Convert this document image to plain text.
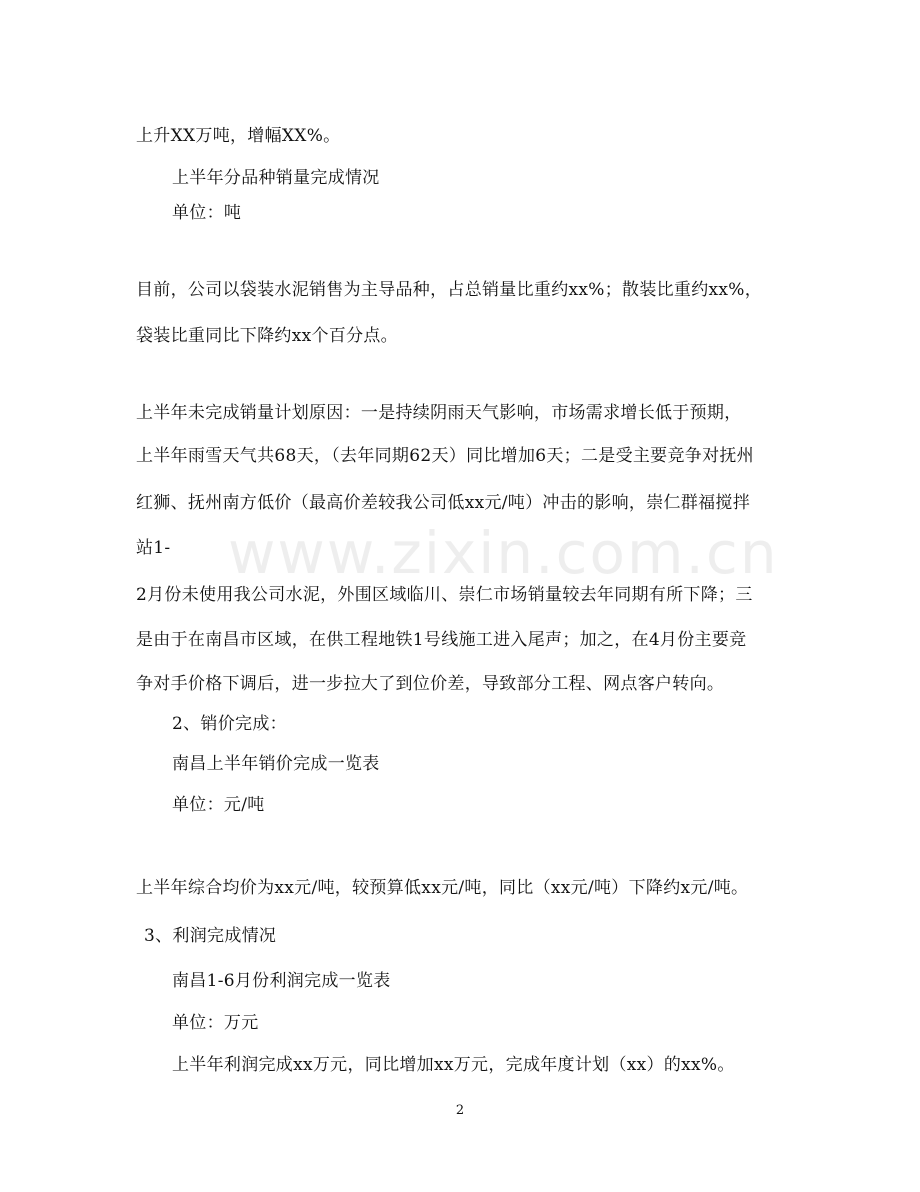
上升XX万吨，增幅XX%。

上半年分品种销量完成情况

单位：吨

目前，公司以袋装水泥销售为主导品种，占总销量比重约xx%；散装比重约xx%，

袋装比重同比下降约xx个百分点。

上半年未完成销量计划原因：一是持续阴雨天气影响，市场需求增长低于预期，

上半年雨雪天气共68天，（去年同期62天）同比增加6天；二是受主要竞争对抚州

红狮、抚州南方低价（最高价差较我公司低xx元/吨）冲击的影响，崇仁群福搅拌

站1- www.zixin.com.cn

2月份未使用我公司水泥，外围区域临川、崇仁市场销量较去年同期有所下降；三

是由于在南昌市区域，在供工程地铁1号线施工进入尾声；加之，在4月份主要竞

争对手价格下调后，进一步拉大了到位价差，导致部分工程、网点客户转向。

2、销价完成：

南昌上半年销价完成一览表

单位：元/吨

上半年综合均价为xx元/吨，较预算低xx元/吨，同比（xx元/吨）下降约x元/吨。

3、利润完成情况

南昌1-6月份利润完成一览表

单位：万元

上半年利润完成xx万元，同比增加xx万元，完成年度计划（xx）的xx%。

2
